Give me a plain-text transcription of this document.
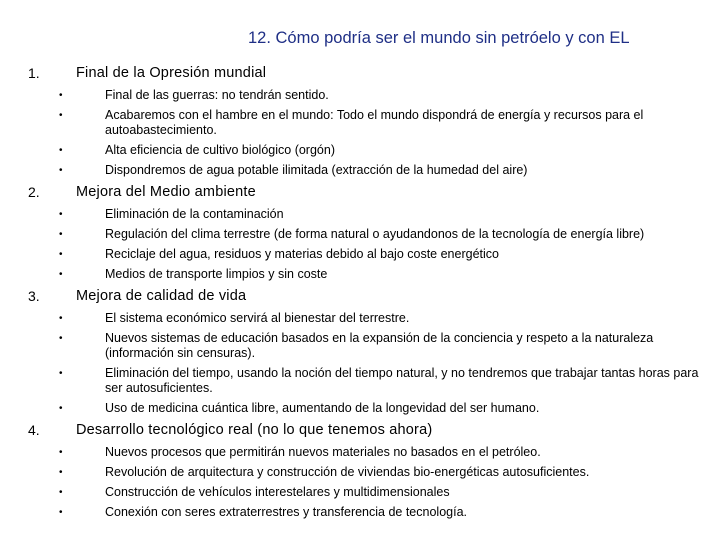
12. Cómo podría ser el mundo sin petróelo y con EL
1.	Final de la Opresión mundial
•	Final de las guerras: no tendrán sentido.
•	Acabaremos con el hambre en el mundo: Todo el mundo dispondrá de energía y recursos para el autoabastecimiento.
•	Alta eficiencia de cultivo biológico (orgón)
•	Dispondremos de agua potable ilimitada (extracción de la humedad del aire)
2.	Mejora del Medio ambiente
•	Eliminación de la contaminación
•	Regulación del clima terrestre (de forma natural o ayudandonos de la tecnología de energía libre)
•	Reciclaje del agua, residuos y materias debido al bajo coste energético
•	Medios de transporte limpios y sin coste
3.	Mejora de calidad de vida
•	El sistema económico servirá al bienestar del terrestre.
•	Nuevos sistemas de educación basados en la expansión de la conciencia y respeto a la naturaleza (información sin censuras).
•	Eliminación del tiempo, usando la noción del tiempo natural, y no tendremos que trabajar tantas horas para ser autosuficientes.
•	Uso de medicina cuántica libre, aumentando de la longevidad del ser humano.
4.	Desarrollo tecnológico real (no lo que tenemos ahora)
•	Nuevos procesos que permitirán nuevos materiales no basados en el petróleo.
•	Revolución de arquitectura y construcción de viviendas bio-energéticas autosuficientes.
•	Construcción de vehículos interestelares y multidimensionales
•	Conexión con seres extraterrestres y transferencia de tecnología.
